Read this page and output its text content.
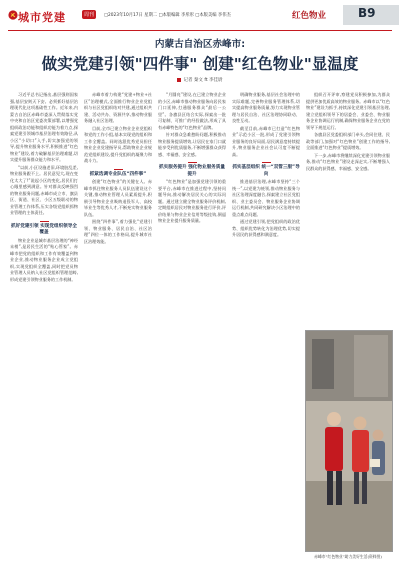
城市党建	周刊	□2023年10月17日 星期二 □本版编辑 李彤彤 □本版美编 李伟杰	红色物业	B9
内蒙古自治区赤峰市:
做实党建引领"四件事" 创建"红色物业"显温度
记者 秦文 ft 李佳尉

习近平总书记指出,基层强则国家强,基层安则天下安。必须抓好基层治理现代化这项基础性工作。近年来,内蒙古自治区赤峰市委深入贯彻落实党中央和自治区党委决策部署,以增强党组织政治功能和组织功能为着力点,探索党建引领城市基层治理有效路径,从小区“小切口”入手,切实加强党的领导,提升物业服务水平,积极推进“红色物业”建设,着力破解基层治理难题,切实提升服务群众能力和水平。

“以前,小区设施老旧,环境脏乱差,物业服务跟不上。居民意见大,现在变化太大了!”说起小区的变化,居民们打心眼里感到满意。针对群众反映强烈的物业服务问题,赤峰市成立市、旗县区、街道、社区、小区五级联动的物业管理工作体系,压实各级党组织抓物业管理的主体责任。

抓好党建引领 实现党组织领导全覆盖

物业企业是城市基层治理的“神经末梢”,是居民生活的“贴心管家”。赤峰市把党的组织和工作有效覆盖到物业企业,推动物业服务企业成立党组织,实现党组织全覆盖,同时把党员物业管理人员纳入社区党组织管理范畴,形成党建引领物业服务的工作机制。

赤峰市着力构建“党建+物业+社区”治理模式,全面推行物业企业党组织与社区党组织结对共建,通过组织共建、活动共办、资源共享,推动物业服务融入社区治理。

目前,全市已建立物业企业党组织和党的工作小组,基本实现党的组织和工作全覆盖。同时选派优秀党员担任物业企业党建指导员,帮助物业企业规范党组织建设,提升党组织的凝聚力和战斗力。

抓紧选调专业队伍“四件事”

创建“红色物业”的关键在人。赤峰市抓住物业服务人员队伍建设这个关键,推动物业管理人员素质提升,积极引导物业企业吸纳退役军人、高校毕业生等优秀人才,不断充实物业服务队伍。

围绕“四件事”,着力强化“党建引领、物业服务、居民自治、社区治理”四位一体的工作格局,提升城市社区治理效能。

“月圆亮”建设,在已建立物业企业的小区,赤峰市推动物业服务向居民家门口延伸,打通服务群众“最后一公里”。各旗县区结合实际,探索出一批可复制、可推广的经验做法,形成了具有赤峰特色的“红色物业”品牌。

针对群众急难愁盼问题,积极推动物业服务提质增效,让居民在家门口就能享受到优质服务,不断增强群众获得感、幸福感、安全感。

抓实服务提升 强化物业服务质量提升

“红色物业”是加强党建引领的重要平台,赤峰市在推进过程中,坚持问题导向,推动解决居民关心的实际问题。通过建立健全物业服务评价机制,定期组织居民对物业服务进行评价,评价结果与物业企业信用等级挂钩,倒逼物业企业提升服务质量。

明确物业服务,基层社会治理中的实际难题,完善物业服务管理体系,切实提高物业服务质量,努力实现物业管理与居民自治、社区治理协同联动、良性互动。

截至目前,赤峰市已打造“红色物业”示范小区一批,形成了党建引领物业服务的良好局面,居民满意度持续提升,物业服务企业社会认可度不断提高。

抓实基层组织 统一“双管三服”导向

推进基层治理,赤峰市坚持“三个统一”,以党建为统领,推动物业服务与社区治理深度融合,探索建立社区党组织、业主委员会、物业服务企业协调运行机制,共同研究解决小区治理中的重点难点问题。

通过党建引领,把党组织的政治优势、组织优势转化为治理优势,切实提升居民的获得感和满意度。

组织召开评审,察建党员积极参加,为群众提供更加优质高效的物业服务。赤峰市以“红色物业”建设为抓手,持续深化党建引领基层治理,建立党组织领导下的居委会、业委会、物业服务企业协调运行机制,确保物业服务企业在党的领导下规范运行。

各旗县区党委组织部门牵头,会同住建、民政等部门,加强对“红色物业”创建工作的指导,全面推进“红色物业”提质增效。

下一步,赤峰市将继续深化党建引领物业服务,推动“红色物业”建设走深走实,不断增强人民群众的获得感、幸福感、安全感。

赤峰市“红色物业”助力美好生活(资料图)
